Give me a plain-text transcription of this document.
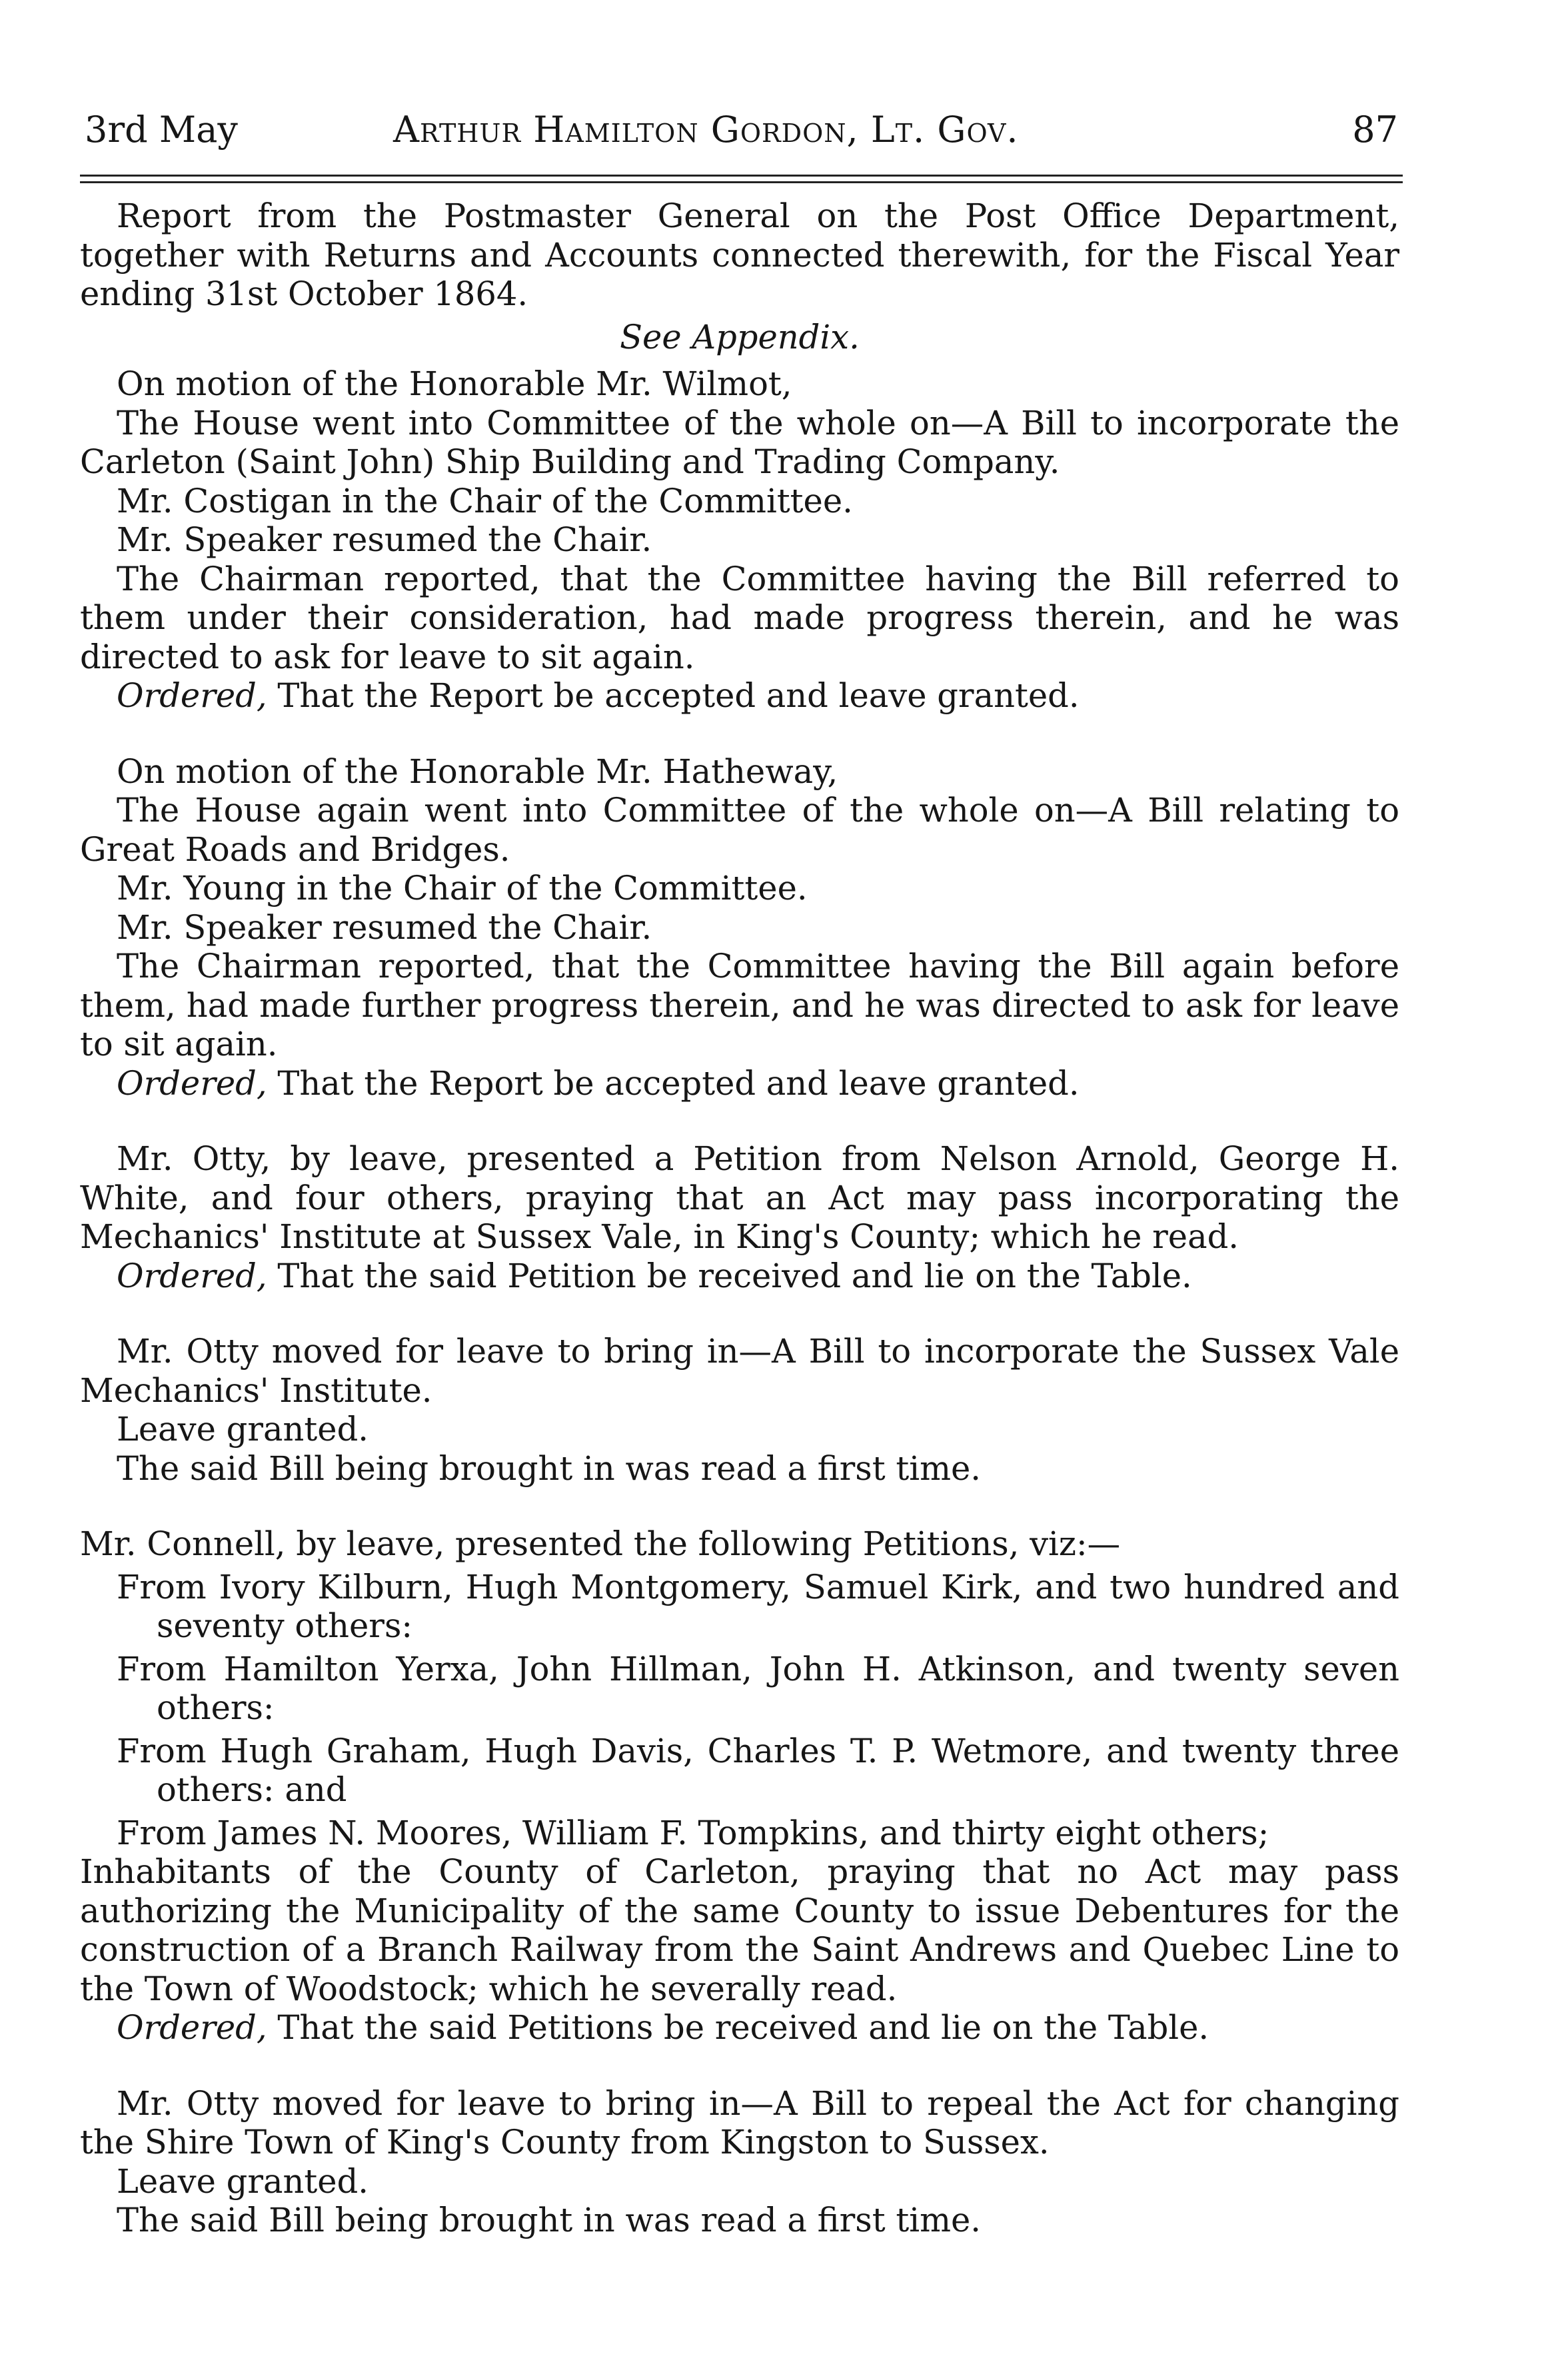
3rd May	Arthur Hamilton Gordon, Lt. Gov.	87

Report from the Postmaster General on the Post Office Department, together with Returns and Accounts connected therewith, for the Fiscal Year ending 31st October 1864.

See Appendix.

On motion of the Honorable Mr. Wilmot,

The House went into Committee of the whole on—A Bill to incorporate the Carleton (Saint John) Ship Building and Trading Company.

Mr. Costigan in the Chair of the Committee.

Mr. Speaker resumed the Chair.

The Chairman reported, that the Committee having the Bill referred to them under their consideration, had made progress therein, and he was directed to ask for leave to sit again.

Ordered, That the Report be accepted and leave granted.

On motion of the Honorable Mr. Hatheway,

The House again went into Committee of the whole on—A Bill relating to Great Roads and Bridges.

Mr. Young in the Chair of the Committee.

Mr. Speaker resumed the Chair.

The Chairman reported, that the Committee having the Bill again before them, had made further progress therein, and he was directed to ask for leave to sit again.

Ordered, That the Report be accepted and leave granted.

Mr. Otty, by leave, presented a Petition from Nelson Arnold, George H. White, and four others, praying that an Act may pass incorporating the Mechanics' Institute at Sussex Vale, in King's County; which he read.

Ordered, That the said Petition be received and lie on the Table.

Mr. Otty moved for leave to bring in—A Bill to incorporate the Sussex Vale Mechanics' Institute.

Leave granted.

The said Bill being brought in was read a first time.

Mr. Connell, by leave, presented the following Petitions, viz:—

From Ivory Kilburn, Hugh Montgomery, Samuel Kirk, and two hundred and seventy others:

From Hamilton Yerxa, John Hillman, John H. Atkinson, and twenty seven others:

From Hugh Graham, Hugh Davis, Charles T. P. Wetmore, and twenty three others: and

From James N. Moores, William F. Tompkins, and thirty eight others;

Inhabitants of the County of Carleton, praying that no Act may pass authorizing the Municipality of the same County to issue Debentures for the construction of a Branch Railway from the Saint Andrews and Quebec Line to the Town of Woodstock; which he severally read.

Ordered, That the said Petitions be received and lie on the Table.

Mr. Otty moved for leave to bring in—A Bill to repeal the Act for changing the Shire Town of King's County from Kingston to Sussex.

Leave granted.

The said Bill being brought in was read a first time.
